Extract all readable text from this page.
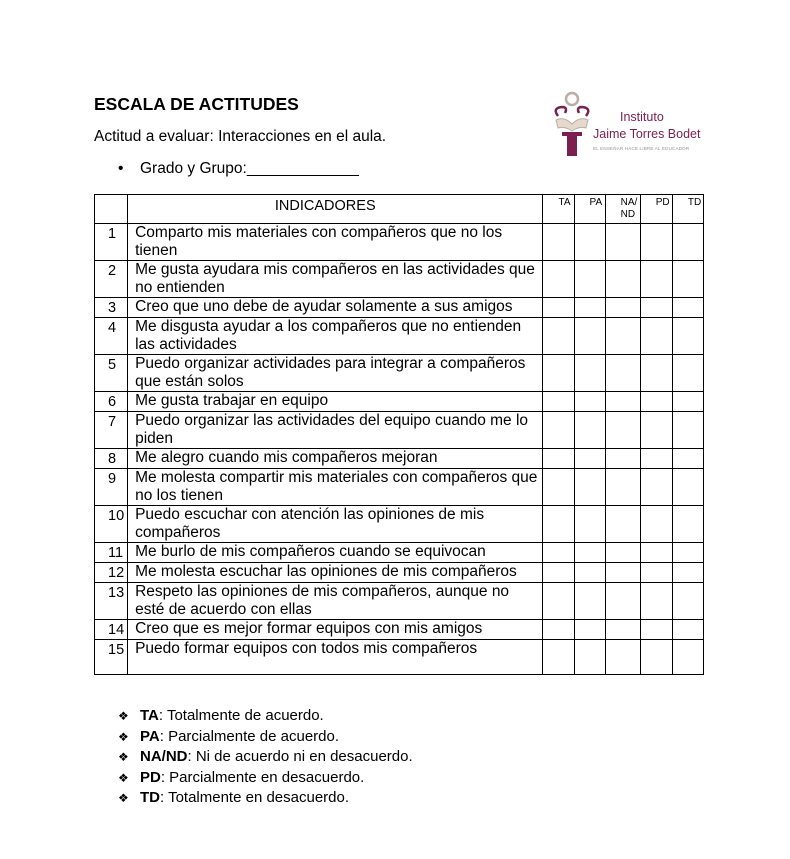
ESCALA DE ACTITUDES
Actitud a evaluar: Interacciones en el aula.
• Grado y Grupo:_____________
Instituto
Jaime Torres Bodet
EL ENSEÑAR HACE LIBRE AL EDUCADOR

	INDICADORES	TA	PA	NA/ ND	PD	TD

1	Comparto mis materiales con compañeros que no los tienen					

2	Me gusta ayudara mis compañeros en las actividades que no entienden					

3	Creo que uno debe de ayudar solamente a sus amigos					

4	Me disgusta ayudar a los compañeros que no entienden las actividades					

5	Puedo organizar actividades para integrar a compañeros que están solos					

6	Me gusta trabajar en equipo					

7	Puedo organizar las actividades del equipo cuando me lo piden					

8	Me alegro cuando mis compañeros mejoran					

9	Me molesta compartir mis materiales con compañeros que no los tienen					

10	Puedo escuchar con atención las opiniones de mis compañeros					

11	Me burlo de mis compañeros cuando se equivocan					

12	Me molesta escuchar las opiniones de mis compañeros					

13	Respeto las opiniones de mis compañeros, aunque no esté de acuerdo con ellas					

14	Creo que es mejor formar equipos con mis amigos					

15	Puedo formar equipos con todos mis compañeros					

❖ TA: Totalmente de acuerdo.
❖ PA: Parcialmente de acuerdo.
❖ NA/ND: Ni de acuerdo ni en desacuerdo.
❖ PD: Parcialmente en desacuerdo.
❖ TD: Totalmente en desacuerdo.
